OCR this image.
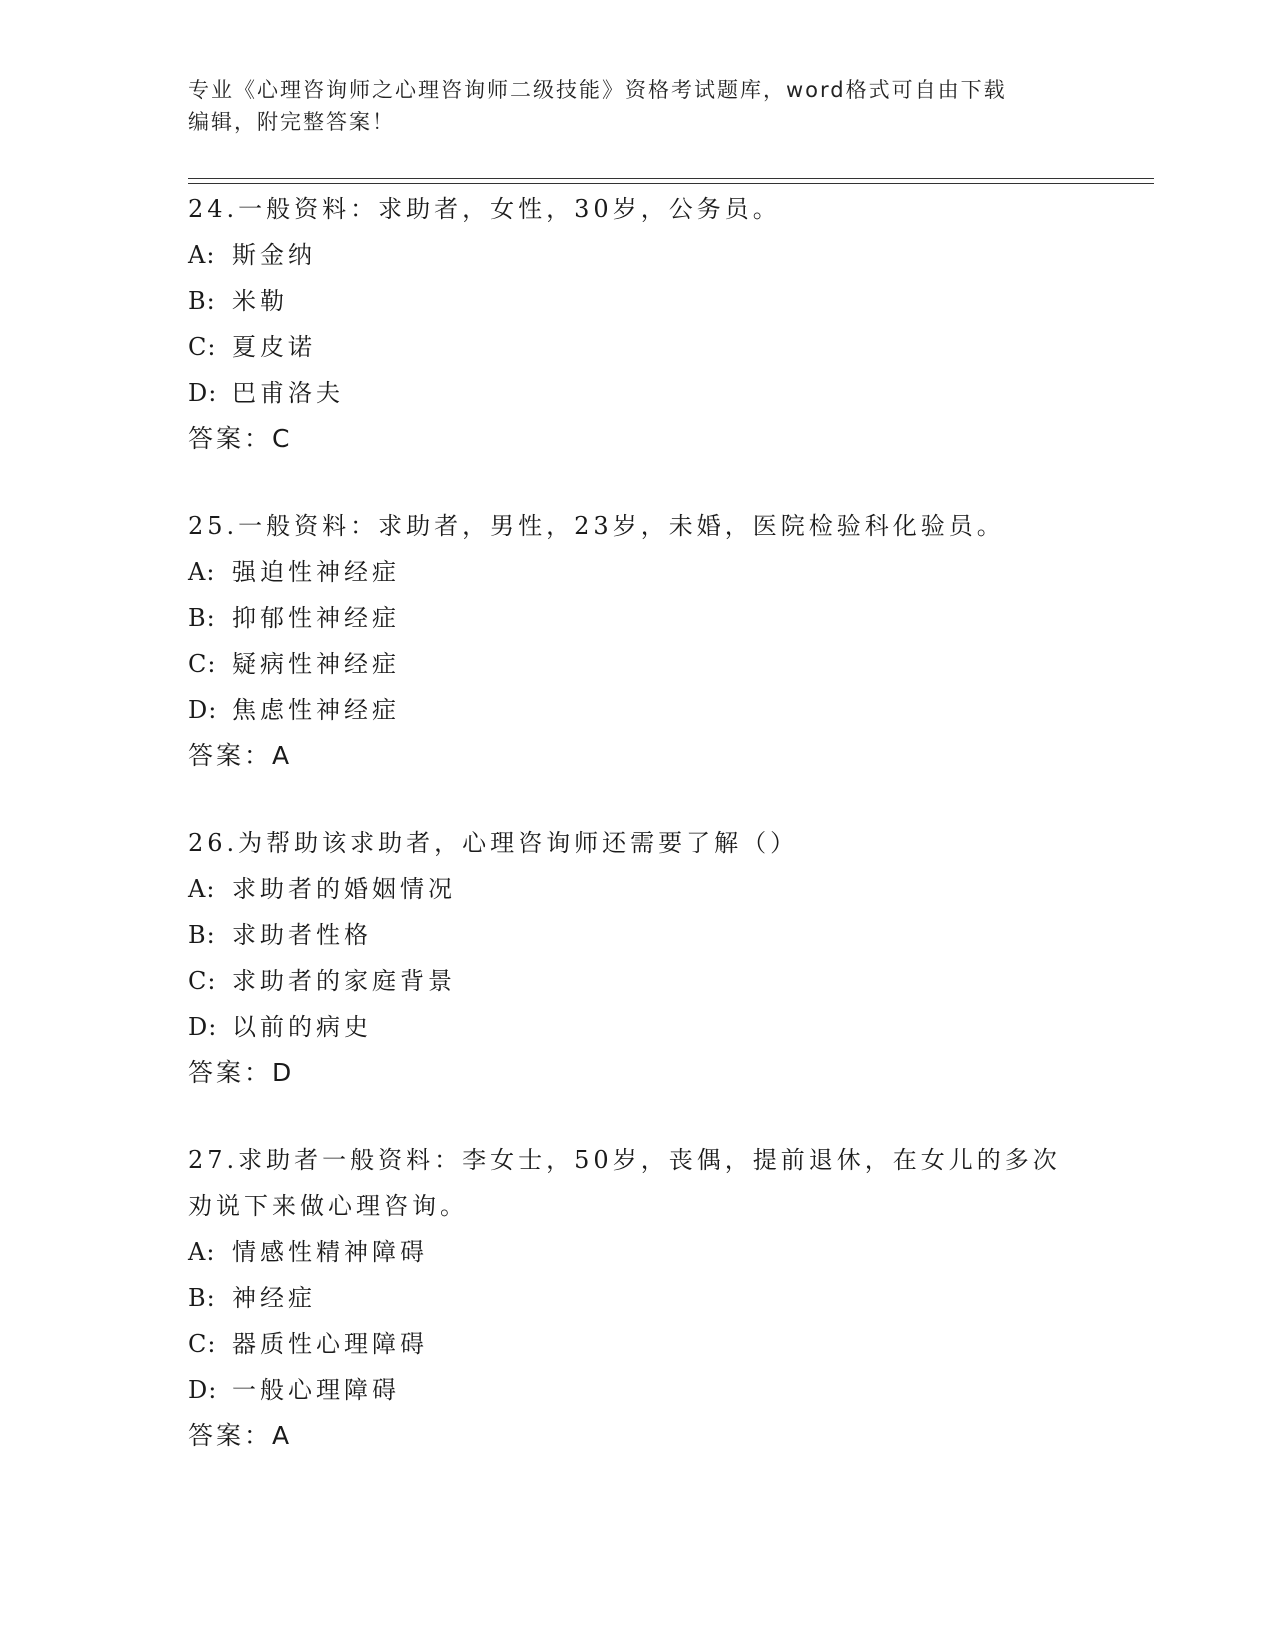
专业《心理咨询师之心理咨询师二级技能》资格考试题库，word格式可自由下载
编辑，附完整答案！
24.一般资料：求助者，女性，30岁，公务员。
A: 斯金纳
B: 米勒
C: 夏皮诺
D: 巴甫洛夫
答案：C
25.一般资料：求助者，男性，23岁，未婚，医院检验科化验员。
A: 强迫性神经症
B: 抑郁性神经症
C: 疑病性神经症
D: 焦虑性神经症
答案：A
26.为帮助该求助者，心理咨询师还需要了解（）
A: 求助者的婚姻情况
B: 求助者性格
C: 求助者的家庭背景
D: 以前的病史
答案：D
27.求助者一般资料：李女士，50岁，丧偶，提前退休，在女儿的多次劝说下来做心理咨询。
A: 情感性精神障碍
B: 神经症
C: 器质性心理障碍
D: 一般心理障碍
答案：A
